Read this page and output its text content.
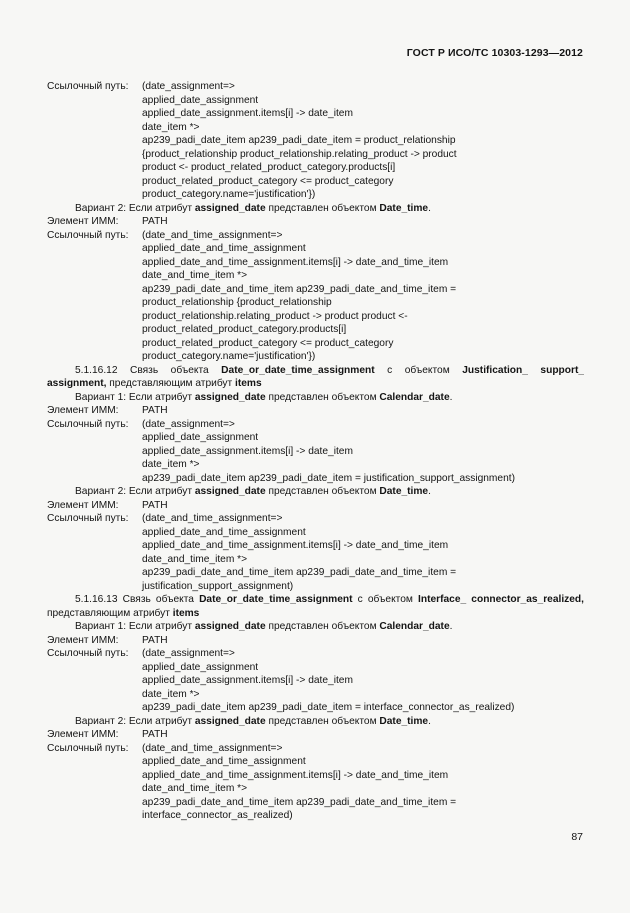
ГОСТ Р ИСО/ТС 10303-1293—2012
Ссылочный путь:	(date_assignment=>
applied_date_assignment
applied_date_assignment.items[i] -> date_item
date_item *>
ap239_padi_date_item ap239_padi_date_item = product_relationship
{product_relationship product_relationship.relating_product -> product
product <- product_related_product_category.products[i]
product_related_product_category <= product_category
product_category.name='justification'})
Вариант 2: Если атрибут assigned_date представлен объектом Date_time.
Элемент ИММ:	PATH
Ссылочный путь:	(date_and_time_assignment=>
applied_date_and_time_assignment
applied_date_and_time_assignment.items[i] -> date_and_time_item
date_and_time_item *>
ap239_padi_date_and_time_item ap239_padi_date_and_time_item =
product_relationship {product_relationship
product_relationship.relating_product -> product product <-
product_related_product_category.products[i]
product_related_product_category <= product_category
product_category.name='justification'})
5.1.16.12 Связь объекта Date_or_date_time_assignment с объектом Justification_ support_
assignment, представляющим атрибут items
Вариант 1: Если атрибут assigned_date представлен объектом Calendar_date.
Элемент ИММ:	PATH
Ссылочный путь:	(date_assignment=>
applied_date_assignment
applied_date_assignment.items[i] -> date_item
date_item *>
ap239_padi_date_item ap239_padi_date_item = justification_support_assignment)
Вариант 2: Если атрибут assigned_date представлен объектом Date_time.
Элемент ИММ:	PATH
Ссылочный путь:	(date_and_time_assignment=>
applied_date_and_time_assignment
applied_date_and_time_assignment.items[i] -> date_and_time_item
date_and_time_item *>
ap239_padi_date_and_time_item ap239_padi_date_and_time_item =
justification_support_assignment)
5.1.16.13 Связь объекта Date_or_date_time_assignment с объектом Interface_ connector_as_realized,
представляющим атрибут items
Вариант 1: Если атрибут assigned_date представлен объектом Calendar_date.
Элемент ИММ:	PATH
Ссылочный путь:	(date_assignment=>
applied_date_assignment
applied_date_assignment.items[i] -> date_item
date_item *>
ap239_padi_date_item ap239_padi_date_item = interface_connector_as_realized)
Вариант 2: Если атрибут assigned_date представлен объектом Date_time.
Элемент ИММ:	PATH
Ссылочный путь:	(date_and_time_assignment=>
applied_date_and_time_assignment
applied_date_and_time_assignment.items[i] -> date_and_time_item
date_and_time_item *>
ap239_padi_date_and_time_item ap239_padi_date_and_time_item =
interface_connector_as_realized)
87
